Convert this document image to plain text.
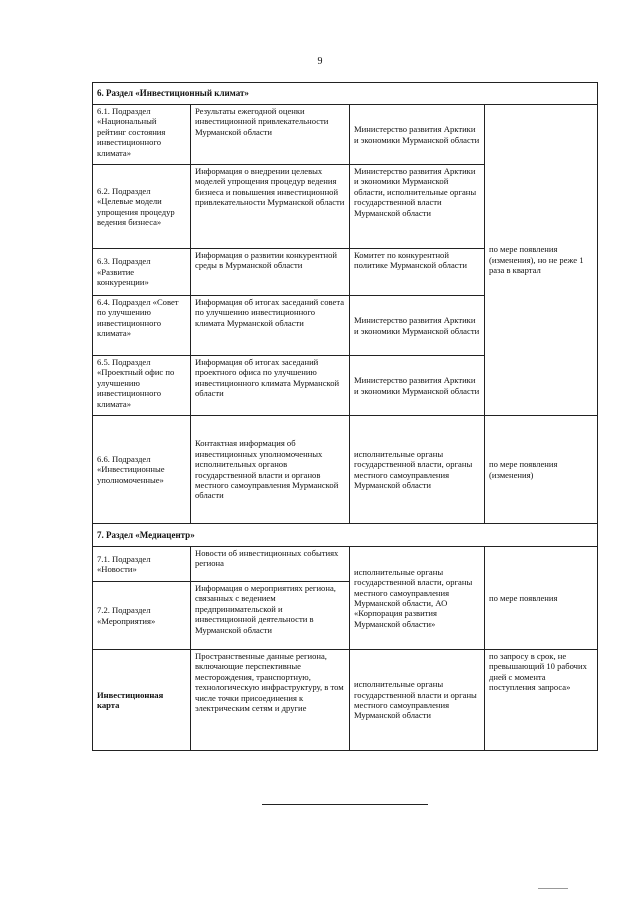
9
6. Раздел «Инвестиционный климат»			
6.1. Подраздел «Национальный рейтинг состояния инвестиционного климата»	Результаты ежегодной оценки инвестиционной привлекательности Мурманской области	Министерство развития Арктики и экономики Мурманской области	по мере появления (изменения), но не реже 1 раза в квартал
6.2. Подраздел «Целевые модели упрощения процедур ведения бизнеса»	Информация о внедрении целевых моделей упрощения процедур ведения бизнеса и повышения инвестиционной привлекательности Мурманской области	Министерство развития Арктики и экономики Мурманской области, исполнительные органы государственной власти Мурманской области	
6.3. Подраздел «Развитие конкуренции»	Информация о развитии конкурентной среды в Мурманской области	Комитет по конкурентной политике Мурманской области	
6.4. Подраздел «Совет по улучшению инвестиционного климата»	Информация об итогах заседаний совета по улучшению инвестиционного климата Мурманской области	Министерство развития Арктики и экономики Мурманской области	
6.5. Подраздел «Проектный офис по улучшению инвестиционного климата»	Информация об итогах заседаний проектного офиса по улучшению инвестиционного климата Мурманской области	Министерство развития Арктики и экономики Мурманской области	
6.6. Подраздел «Инвестиционные уполномоченные»	Контактная информация об инвестиционных уполномоченных исполнительных органов государственной власти и органов местного самоуправления Мурманской области	исполнительные органы государственной власти, органы местного самоуправления Мурманской области	по мере появления (изменения)
7. Раздел «Медиацентр»			
7.1. Подраздел «Новости»	Новости об инвестиционных событиях региона	исполнительные органы государственной власти, органы местного самоуправления Мурманской области, АО «Корпорация развития Мурманской области»	по мере появления
7.2. Подраздел «Мероприятия»	Информация о мероприятиях региона, связанных с ведением предпринимательской и инвестиционной деятельности в Мурманской области		
Инвестиционная карта	Пространственные данные региона, включающие перспективные месторождения, транспортную, технологическую инфраструктуру, в том числе точки присоединения к электрическим сетям и другие	исполнительные органы государственной власти и органы местного самоуправления Мурманской области	по запросу в срок, не превышающий 10 рабочих дней с момента поступления запроса»
